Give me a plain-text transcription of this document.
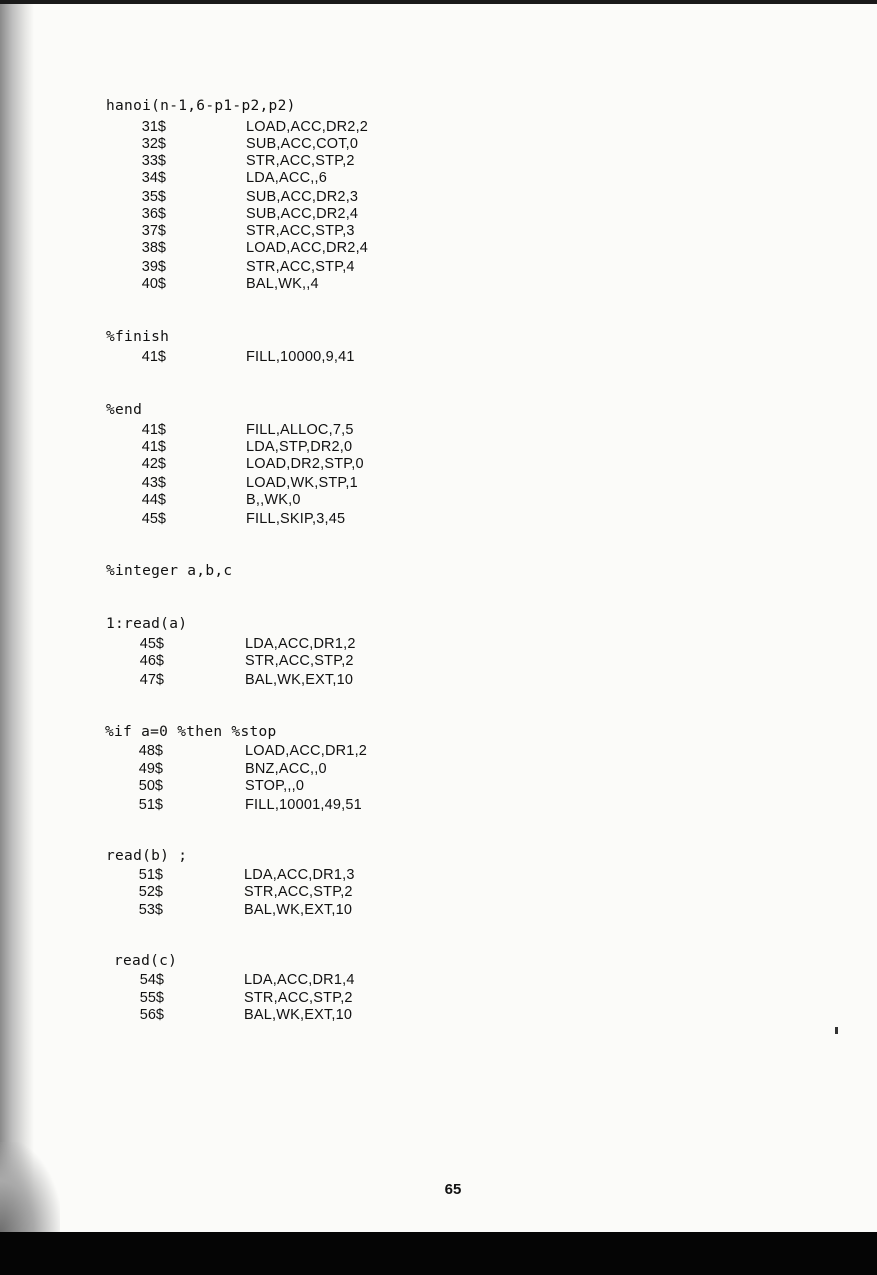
hanoi(n-1,6-p1-p2,p2)
31$	LOAD,ACC,DR2,2
32$	SUB,ACC,COT,0
33$	STR,ACC,STP,2
34$	LDA,ACC,,6
35$	SUB,ACC,DR2,3
36$	SUB,ACC,DR2,4
37$	STR,ACC,STP,3
38$	LOAD,ACC,DR2,4
39$	STR,ACC,STP,4
40$	BAL,WK,,4
%finish
41$	FILL,10000,9,41
%end
41$	FILL,ALLOC,7,5
41$	LDA,STP,DR2,0
42$	LOAD,DR2,STP,0
43$	LOAD,WK,STP,1
44$	B,,WK,0
45$	FILL,SKIP,3,45
%integer a,b,c
1:read(a)
45$	LDA,ACC,DR1,2
46$	STR,ACC,STP,2
47$	BAL,WK,EXT,10
%if a=0 %then %stop
48$	LOAD,ACC,DR1,2
49$	BNZ,ACC,,0
50$	STOP,,,0
51$	FILL,10001,49,51
read(b) ;
51$	LDA,ACC,DR1,3
52$	STR,ACC,STP,2
53$	BAL,WK,EXT,10
read(c)
54$	LDA,ACC,DR1,4
55$	STR,ACC,STP,2
56$	BAL,WK,EXT,10
65
